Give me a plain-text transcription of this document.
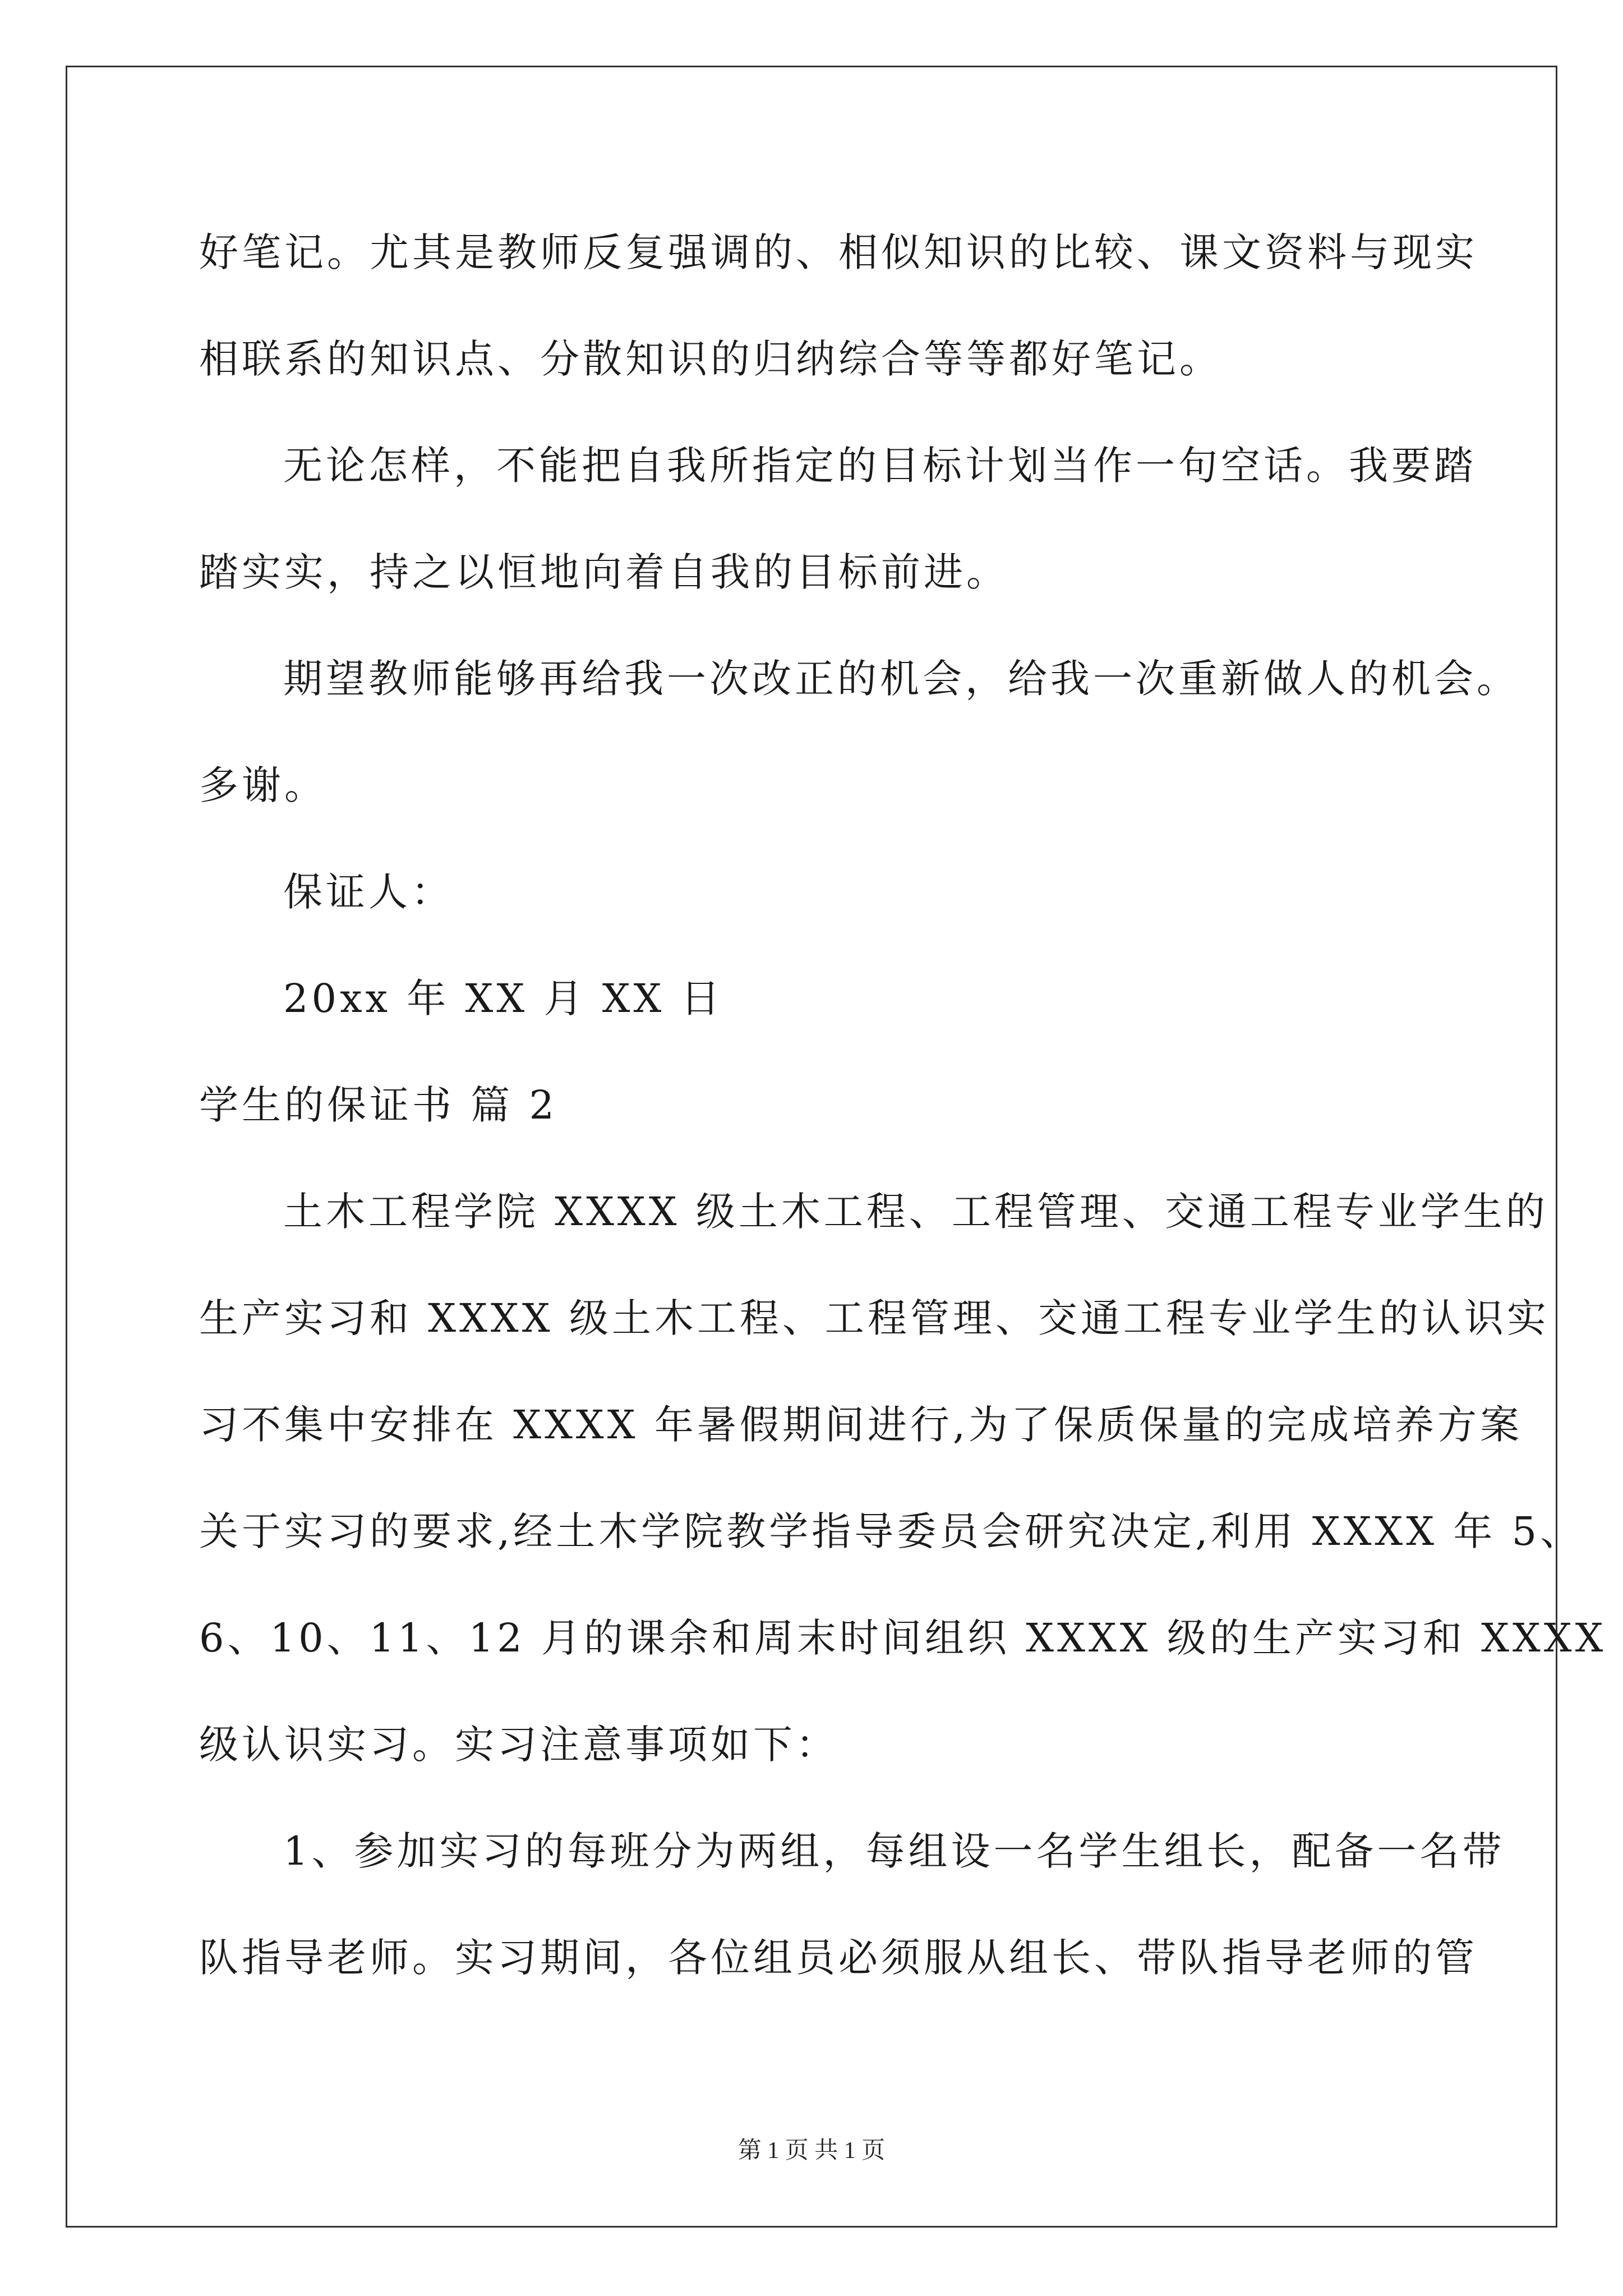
好笔记。尤其是教师反复强调的、相似知识的比较、课文资料与现实
相联系的知识点、分散知识的归纳综合等等都好笔记。
无论怎样，不能把自我所指定的目标计划当作一句空话。我要踏
踏实实，持之以恒地向着自我的目标前进。
期望教师能够再给我一次改正的机会，给我一次重新做人的机会。
多谢。
保证人：
20xx 年 XX 月 XX 日
学生的保证书 篇 2
土木工程学院 XXXX 级土木工程、工程管理、交通工程专业学生的
生产实习和 XXXX 级土木工程、工程管理、交通工程专业学生的认识实
习不集中安排在 XXXX 年暑假期间进行,为了保质保量的完成培养方案
关于实习的要求,经土木学院教学指导委员会研究决定,利用 XXXX 年 5、
6、10、11、12 月的课余和周末时间组织 XXXX 级的生产实习和 XXXX
级认识实习。实习注意事项如下：
1、参加实习的每班分为两组，每组设一名学生组长，配备一名带
队指导老师。实习期间，各位组员必须服从组长、带队指导老师的管
第 1 页 共 1 页
